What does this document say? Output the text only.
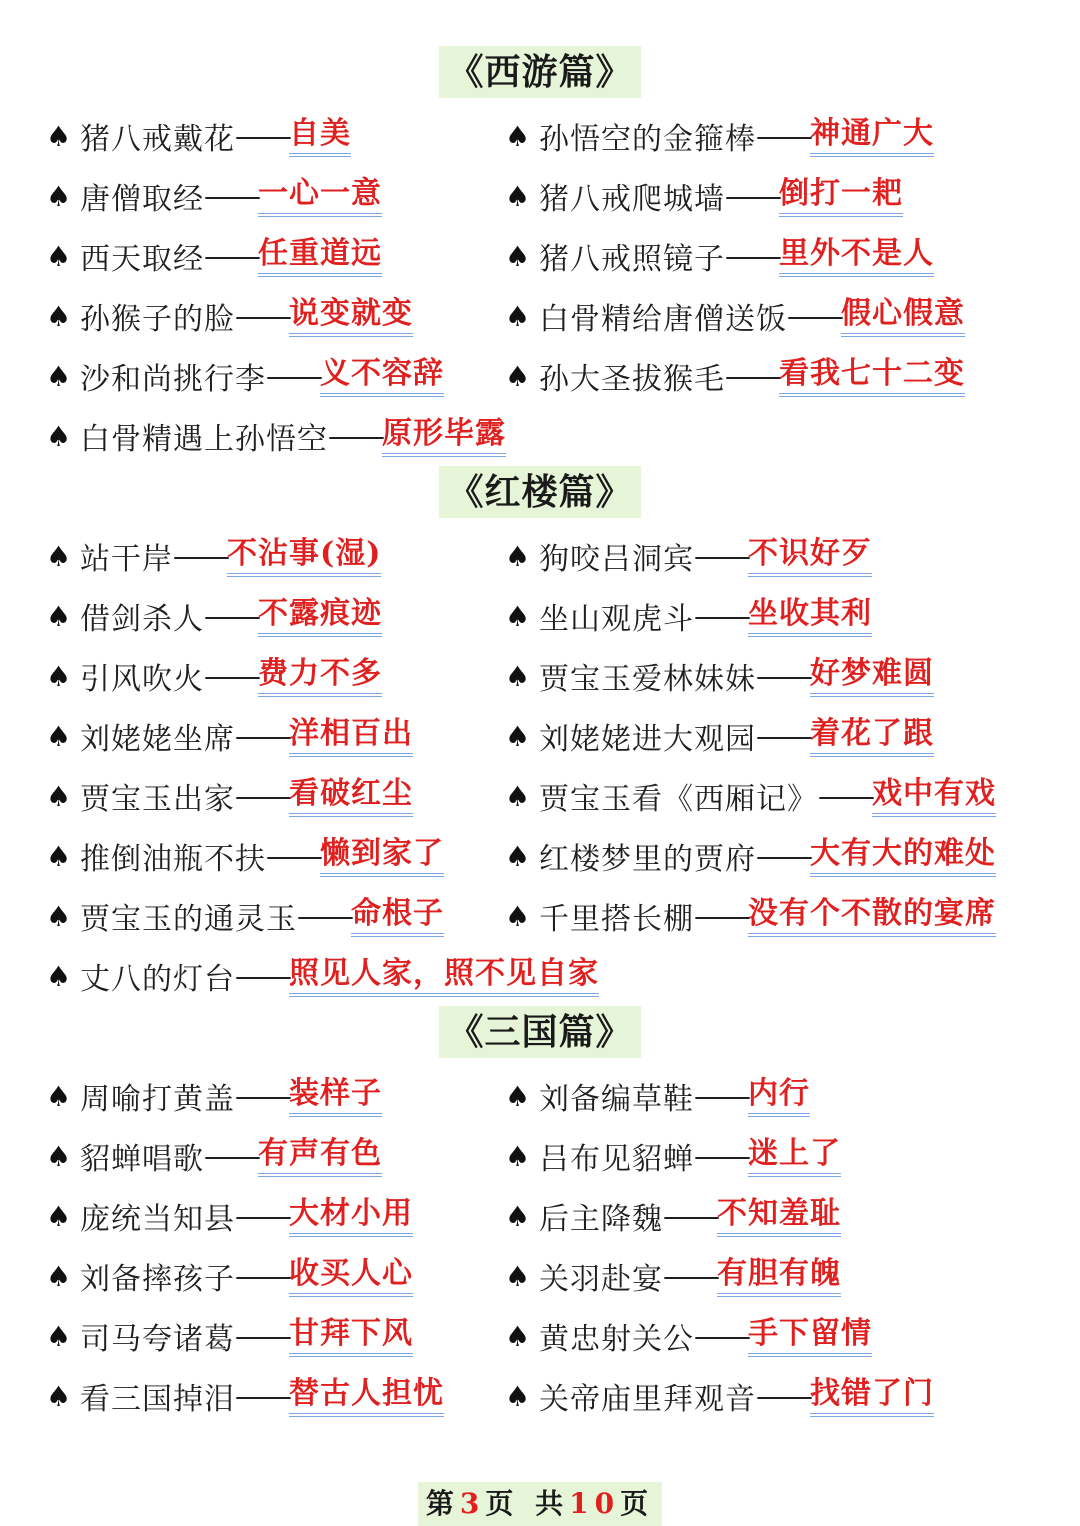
《西游篇》
♠ 猪八戒戴花 —— 自美	♠ 孙悟空的金箍棒 —— 神通广大
♠ 唐僧取经 —— 一心一意	♠ 猪八戒爬城墙 —— 倒打一耙
♠ 西天取经 —— 任重道远	♠ 猪八戒照镜子 —— 里外不是人
♠ 孙猴子的脸 —— 说变就变	♠ 白骨精给唐僧送饭 —— 假心假意
♠ 沙和尚挑行李 —— 义不容辞 ♠ 孙大圣拔猴毛 —— 看我七十二变
♠ 白骨精遇上孙悟空 —— 原形毕露
《红楼篇》
♠ 站干岸 —— 不沾事(湿)	♠ 狗咬吕洞宾 —— 不识好歹
♠ 借剑杀人 —— 不露痕迹	♠ 坐山观虎斗 —— 坐收其利
♠ 引风吹火 —— 费力不多	♠ 贾宝玉爱林妹妹 —— 好梦难圆
♠ 刘姥姥坐席 —— 洋相百出	♠ 刘姥姥进大观园 —— 着花了跟
♠ 贾宝玉出家 —— 看破红尘	♠ 贾宝玉看《西厢记》 —— 戏中有戏
♠ 推倒油瓶不扶 —— 懒到家了 ♠ 红楼梦里的贾府 —— 大有大的难处
♠ 贾宝玉的通灵玉 —— 命根子 ♠ 千里搭长棚 —— 没有个不散的宴席
♠ 丈八的灯台 —— 照见人家，照不见自家
《三国篇》
♠ 周喻打黄盖 —— 装样子	♠ 刘备编草鞋 —— 内行
♠ 貂蝉唱歌 —— 有声有色	♠ 吕布见貂蝉 —— 迷上了
♠ 庞统当知县 —— 大材小用	♠ 后主降魏 —— 不知羞耻
♠ 刘备摔孩子 —— 收买人心	♠ 关羽赴宴 —— 有胆有魄
♠ 司马夸诸葛 —— 甘拜下风	♠ 黄忠射关公 —— 手下留情
♠ 看三国掉泪 —— 替古人担忧 ♠ 关帝庙里拜观音 —— 找错了门
第3页 共10页
